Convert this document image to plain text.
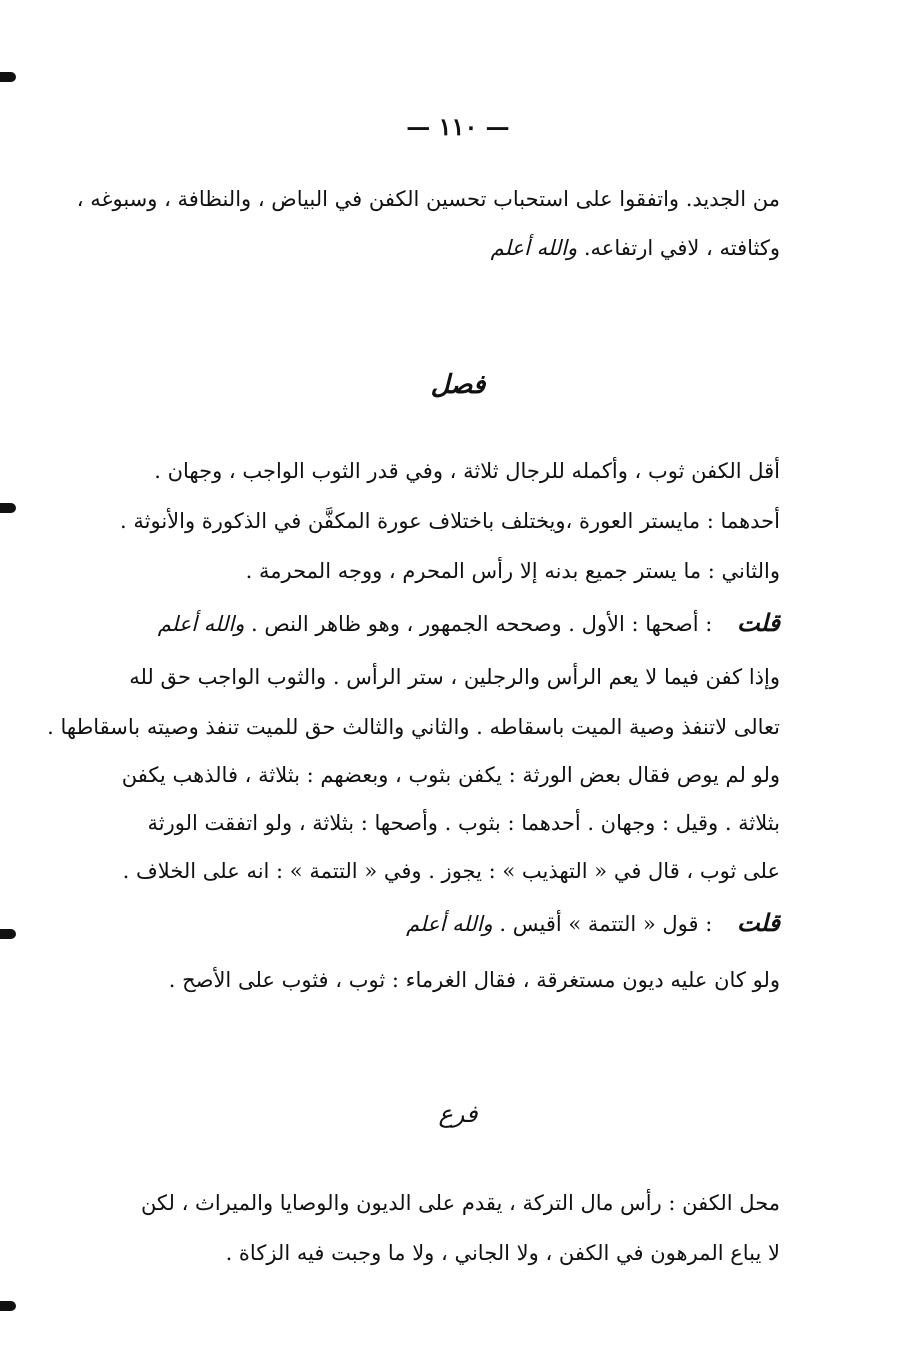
— ١١٠ —
من الجديد. واتفقوا على استحباب تحسين الكفن في البياض ، والنظافة ، وسبوغه ،
وكثافته ، لافي ارتفاعه. والله أعلم
فصل
أقل الكفن ثوب ، وأكمله للرجال ثلاثة ، وفي قدر الثوب الواجب ، وجهان .
أحدهما : مايستر العورة ،ويختلف باختلاف عورة المكفَّن في الذكورة والأنوثة .
والثاني : ما يستر جميع بدنه إلا رأس المحرم ، ووجه المحرمة .
قلت : أصحها : الأول . وصححه الجمهور ، وهو ظاهر النص . والله أعلم
وإذا كفن فيما لا يعم الرأس والرجلين ، ستر الرأس . والثوب الواجب حق لله
تعالى لاتنفذ وصية الميت باسقاطه . والثاني والثالث حق للميت تنفذ وصيته باسقاطها .
ولو لم يوص فقال بعض الورثة : يكفن بثوب ، وبعضهم : بثلاثة ، فالذهب يكفن
بثلاثة . وقيل : وجهان . أحدهما : بثوب . وأصحها : بثلاثة ، ولو اتفقت الورثة
على ثوب ، قال في « التهذيب » : يجوز . وفي « التتمة » : انه على الخلاف .
قلت : قول « التتمة » أقيس . والله أعلم
ولو كان عليه ديون مستغرقة ، فقال الغرماء : ثوب ، فثوب على الأصح .
فرع
محل الكفن : رأس مال التركة ، يقدم على الديون والوصايا والميراث ، لكن
لا يباع المرهون في الكفن ، ولا الجاني ، ولا ما وجبت فيه الزكاة .
